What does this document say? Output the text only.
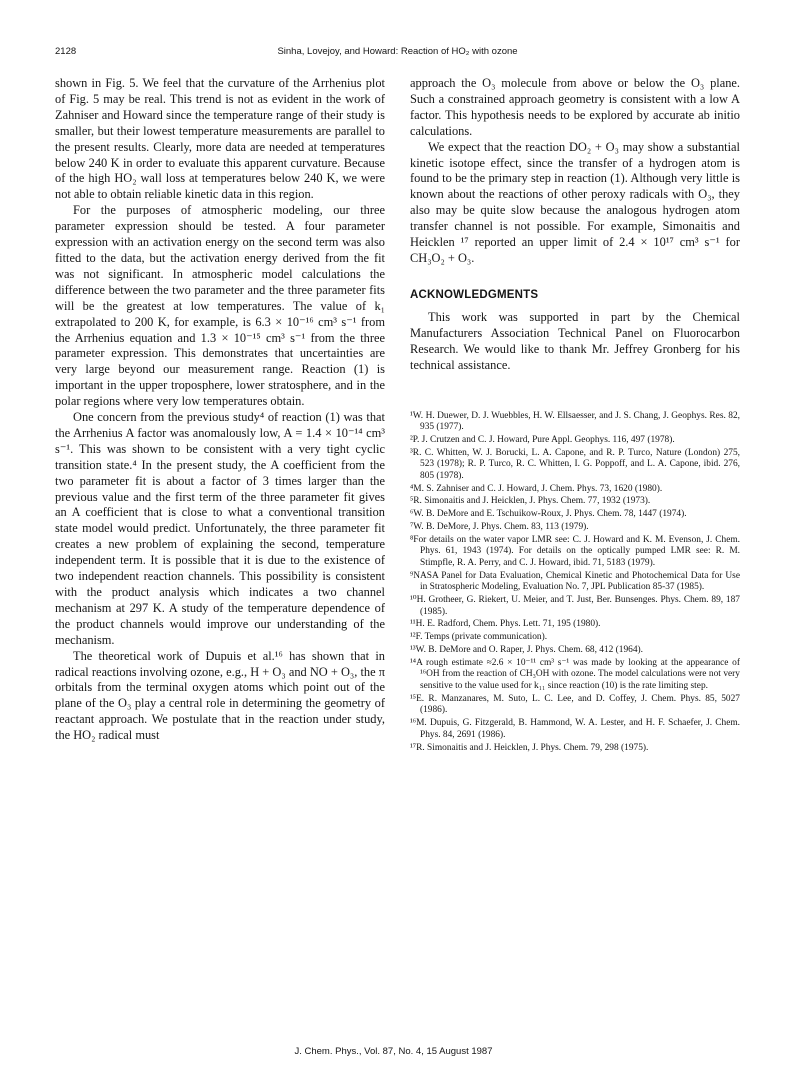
2128	Sinha, Lovejoy, and Howard: Reaction of HO₂ with ozone

shown in Fig. 5. We feel that the curvature of the Arrhenius plot of Fig. 5 may be real. This trend is not as evident in the work of Zahniser and Howard since the temperature range of their study is smaller, but their lowest temperature measurements are parallel to the present results. Clearly, more data are needed at temperatures below 240 K in order to evaluate this apparent curvature. Because of the high HO₂ wall loss at temperatures below 240 K, we were not able to obtain reliable kinetic data in this region.

For the purposes of atmospheric modeling, our three parameter expression should be tested. A four parameter expression with an activation energy on the second term was also fitted to the data, but the activation energy derived from the fit was not significant. In atmospheric model calculations the difference between the two parameter and the three parameter fits will be the greatest at low temperatures. The value of k₁ extrapolated to 200 K, for example, is 6.3 × 10⁻¹⁶ cm³ s⁻¹ from the Arrhenius equation and 1.3 × 10⁻¹⁵ cm³ s⁻¹ from the three parameter expression. This demonstrates that uncertainties are very large beyond our measurement range. Reaction (1) is important in the upper troposphere, lower stratosphere, and in the polar regions where very low temperatures obtain.

One concern from the previous study⁴ of reaction (1) was that the Arrhenius A factor was anomalously low, A = 1.4 × 10⁻¹⁴ cm³ s⁻¹. This was shown to be consistent with a very tight cyclic transition state.⁴ In the present study, the A coefficient from the two parameter fit is about a factor of 3 times larger than the previous value and the first term of the three parameter fit gives an A coefficient that is close to what a conventional transition state model would predict. Unfortunately, the three parameter fit creates a new problem of explaining the second, temperature independent term. It is possible that it is due to the existence of two independent reaction channels. This possibility is consistent with the product analysis which indicates a two channel mechanism at 297 K. A study of the temperature dependence of the product channels would improve our understanding of the mechanism.

The theoretical work of Dupuis et al.¹⁶ has shown that in radical reactions involving ozone, e.g., H + O₃ and NO + O₃, the π orbitals from the terminal oxygen atoms which point out of the plane of the O₃ play a central role in determining the geometry of reactant approach. We postulate that in the reaction under study, the HO₂ radical must

approach the O₃ molecule from above or below the O₃ plane. Such a constrained approach geometry is consistent with a low A factor. This hypothesis needs to be explored by accurate ab initio calculations.

We expect that the reaction DO₂ + O₃ may show a substantial kinetic isotope effect, since the transfer of a hydrogen atom is found to be the primary step in reaction (1). Although very little is known about the reactions of other peroxy radicals with O₃, they also may be quite slow because the analogous hydrogen atom transfer channel is not possible. For example, Simonaitis and Heicklen ¹⁷ reported an upper limit of 2.4 × 10¹⁷ cm³ s⁻¹ for CH₃O₂ + O₃.

ACKNOWLEDGMENTS

This work was supported in part by the Chemical Manufacturers Association Technical Panel on Fluorocarbon Research. We would like to thank Mr. Jeffrey Gronberg for his technical assistance.

¹W. H. Duewer, D. J. Wuebbles, H. W. Ellsaesser, and J. S. Chang, J. Geophys. Res. 82, 935 (1977).
²P. J. Crutzen and C. J. Howard, Pure Appl. Geophys. 116, 497 (1978).
³R. C. Whitten, W. J. Borucki, L. A. Capone, and R. P. Turco, Nature (London) 275, 523 (1978); R. P. Turco, R. C. Whitten, I. G. Poppoff, and L. A. Capone, ibid. 276, 805 (1978).
⁴M. S. Zahniser and C. J. Howard, J. Chem. Phys. 73, 1620 (1980).
⁵R. Simonaitis and J. Heicklen, J. Phys. Chem. 77, 1932 (1973).
⁶W. B. DeMore and E. Tschuikow-Roux, J. Phys. Chem. 78, 1447 (1974).
⁷W. B. DeMore, J. Phys. Chem. 83, 113 (1979).
⁸For details on the water vapor LMR see: C. J. Howard and K. M. Evenson, J. Chem. Phys. 61, 1943 (1974). For details on the optically pumped LMR see: R. M. Stimpfle, R. A. Perry, and C. J. Howard, ibid. 71, 5183 (1979).
⁹NASA Panel for Data Evaluation, Chemical Kinetic and Photochemical Data for Use in Stratospheric Modeling, Evaluation No. 7, JPL Publication 85-37 (1985).
¹⁰H. Grotheer, G. Riekert, U. Meier, and T. Just, Ber. Bunsenges. Phys. Chem. 89, 187 (1985).
¹¹H. E. Radford, Chem. Phys. Lett. 71, 195 (1980).
¹²F. Temps (private communication).
¹³W. B. DeMore and O. Raper, J. Phys. Chem. 68, 412 (1964).
¹⁴A rough estimate ≈2.6 × 10⁻¹¹ cm³ s⁻¹ was made by looking at the appearance of ¹⁶OH from the reaction of CH₃OH with ozone. The model calculations were not very sensitive to the value used for k₁₁ since reaction (10) is the rate limiting step.
¹⁵E. R. Manzanares, M. Suto, L. C. Lee, and D. Coffey, J. Chem. Phys. 85, 5027 (1986).
¹⁶M. Dupuis, G. Fitzgerald, B. Hammond, W. A. Lester, and H. F. Schaefer, J. Chem. Phys. 84, 2691 (1986).
¹⁷R. Simonaitis and J. Heicklen, J. Phys. Chem. 79, 298 (1975).
J. Chem. Phys., Vol. 87, No. 4, 15 August 1987
